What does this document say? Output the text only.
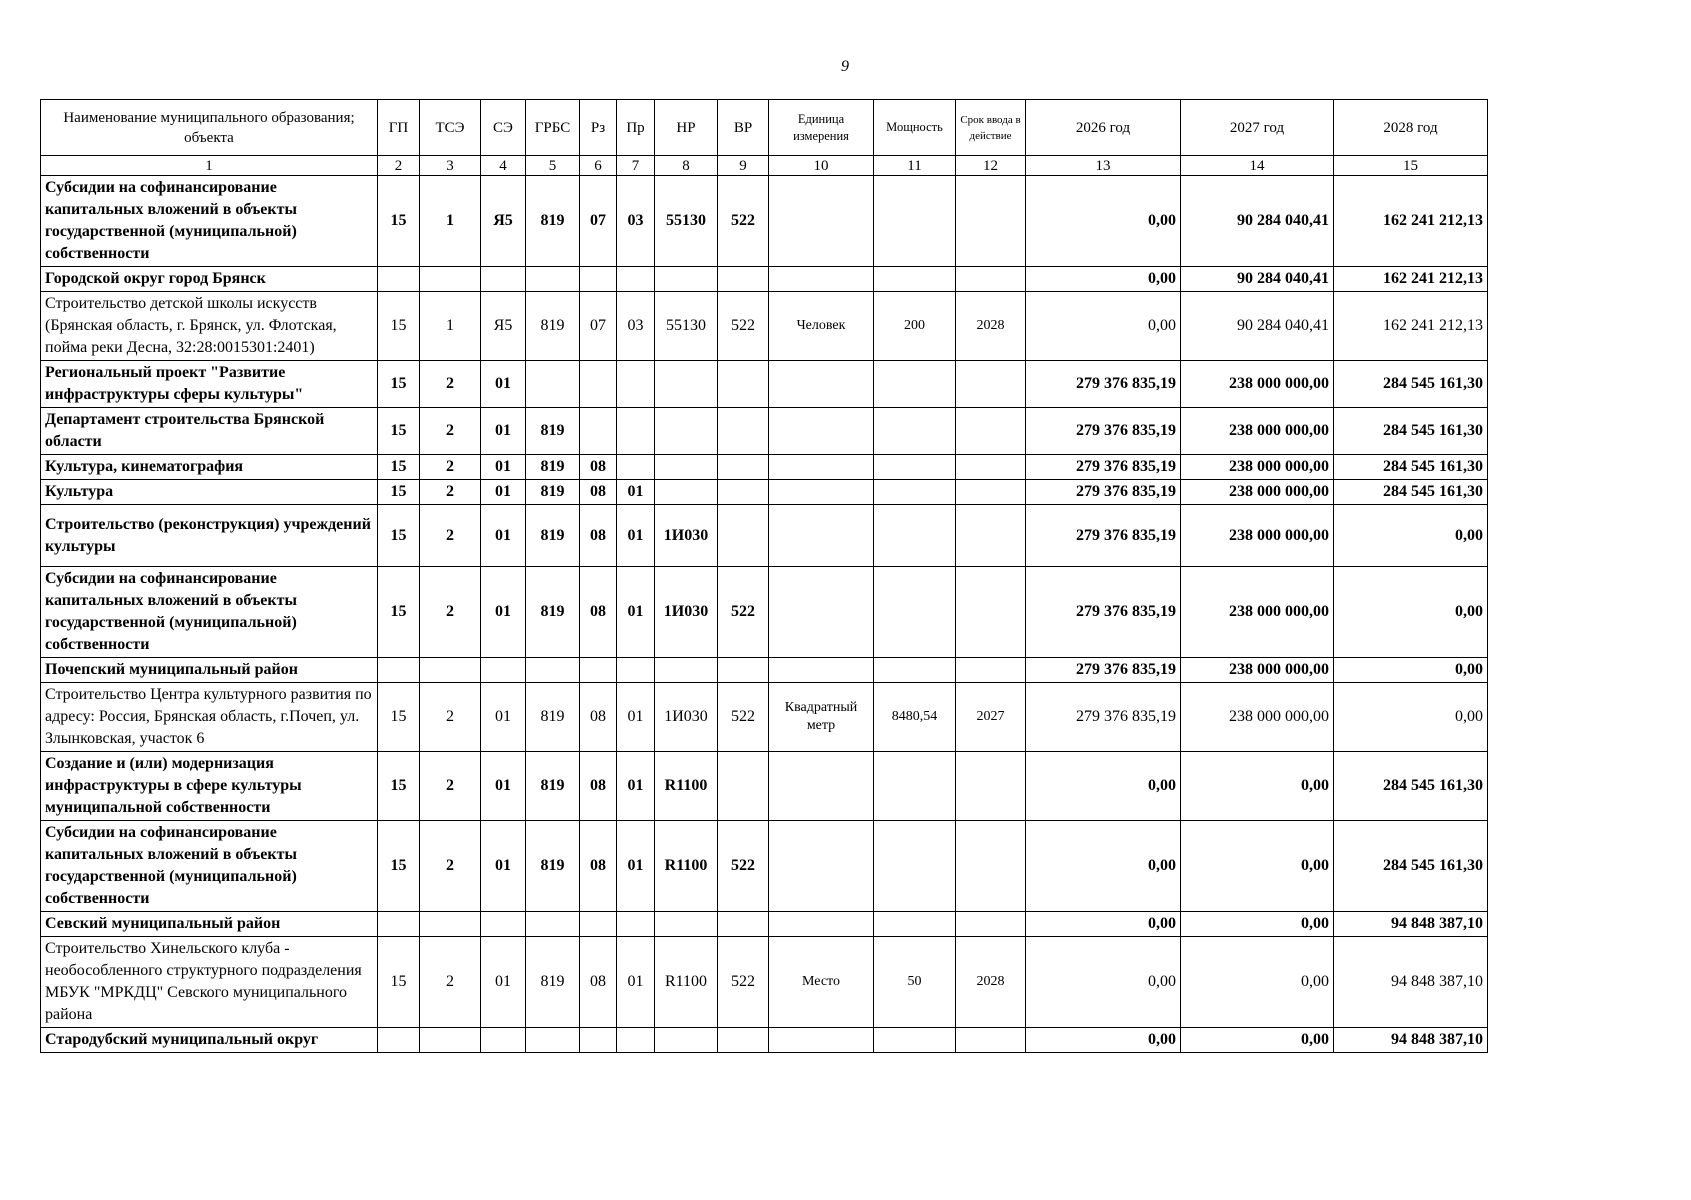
9
Наименование муниципального образования; объекта	ГП	ТСЭ	СЭ	ГРБС	Рз	Пр	НР	ВР	Единица измерения	Мощность	Срок ввода в действие	2026 год	2027 год	2028 год
1	2	3	4	5	6	7	8	9	10	11	12	13	14	15
Субсидии на софинансирование капитальных вложений в объекты государственной (муниципальной) собственности	15	1	Я5	819	07	03	55130	522				0,00	90 284 040,41	162 241 212,13
Городской округ город Брянск												0,00	90 284 040,41	162 241 212,13
Строительство детской школы искусств (Брянская область, г. Брянск, ул. Флотская, пойма реки Десна, 32:28:0015301:2401)	15	1	Я5	819	07	03	55130	522	Человек	200	2028	0,00	90 284 040,41	162 241 212,13
Региональный проект "Развитие инфраструктуры сферы культуры"	15	2	01									279 376 835,19	238 000 000,00	284 545 161,30
Департамент строительства Брянской области	15	2	01	819								279 376 835,19	238 000 000,00	284 545 161,30
Культура, кинематография	15	2	01	819	08							279 376 835,19	238 000 000,00	284 545 161,30
Культура	15	2	01	819	08	01						279 376 835,19	238 000 000,00	284 545 161,30
Строительство (реконструкция) учреждений культуры	15	2	01	819	08	01	1И030					279 376 835,19	238 000 000,00	0,00
Субсидии на софинансирование капитальных вложений в объекты государственной (муниципальной) собственности	15	2	01	819	08	01	1И030	522				279 376 835,19	238 000 000,00	0,00
Почепский муниципальный район												279 376 835,19	238 000 000,00	0,00
Строительство Центра культурного развития по адресу: Россия, Брянская область, г.Почеп, ул. Злынковская, участок 6	15	2	01	819	08	01	1И030	522	Квадратный метр	8480,54	2027	279 376 835,19	238 000 000,00	0,00
Создание и (или) модернизация инфраструктуры в сфере культуры муниципальной собственности	15	2	01	819	08	01	R1100					0,00	0,00	284 545 161,30
Субсидии на софинансирование капитальных вложений в объекты государственной (муниципальной) собственности	15	2	01	819	08	01	R1100	522				0,00	0,00	284 545 161,30
Севский муниципальный район												0,00	0,00	94 848 387,10
Строительство Хинельского клуба - необособленного структурного подразделения МБУК "МРКДЦ" Севского муниципального района	15	2	01	819	08	01	R1100	522	Место	50	2028	0,00	0,00	94 848 387,10
Стародубский муниципальный округ												0,00	0,00	94 848 387,10
